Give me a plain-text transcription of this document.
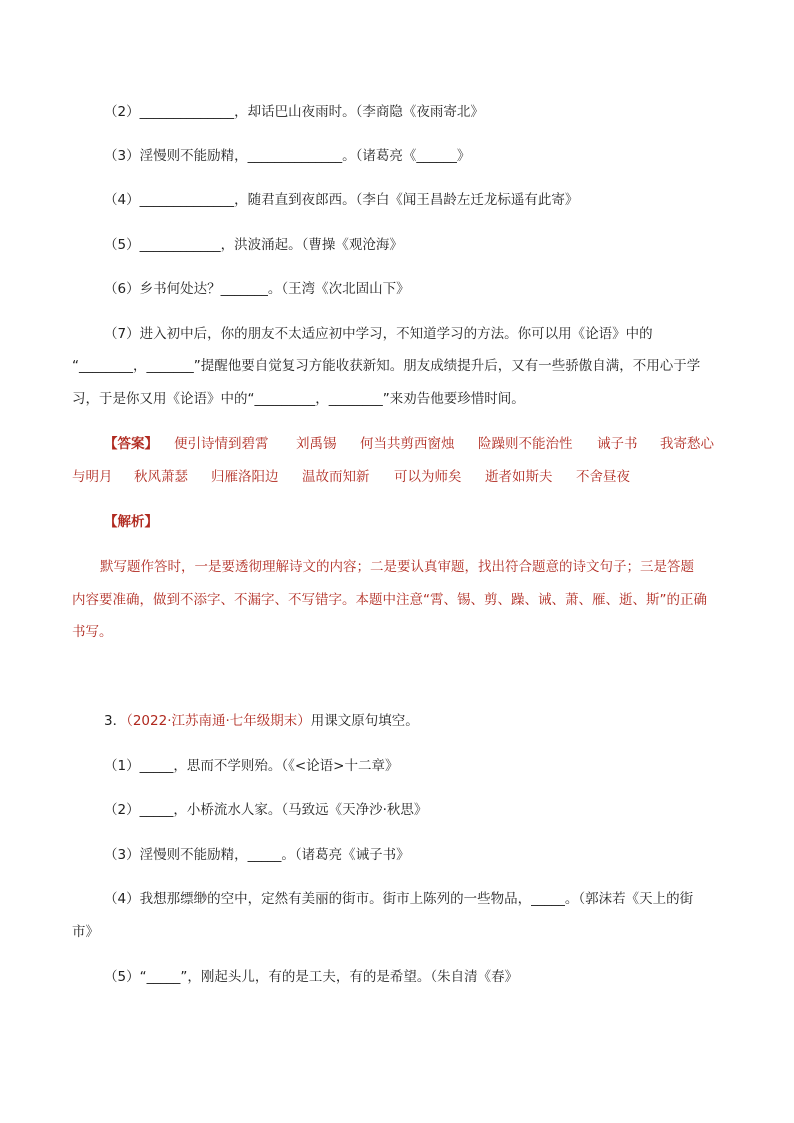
（2）______________，却话巴山夜雨时。（李商隐《夜雨寄北》
（3）淫慢则不能励精，______________。（诸葛亮《______》
（4）______________，随君直到夜郎西。（李白《闻王昌龄左迁龙标遥有此寄》
（5）____________，洪波涌起。（曹操《观沧海》
（6）乡书何处达？_______。（王湾《次北固山下》
（7）进入初中后，你的朋友不太适应初中学习，不知道学习的方法。你可以用《论语》中的
“________，_______”提醒他要自觉复习方能收获新知。朋友成绩提升后，又有一些骄傲自满，不用心于学
习，于是你又用《论语》中的“_________，________”来劝告他要珍惜时间。
【答案】 便引诗情到碧霄 刘禹锡 何当共剪西窗烛 险躁则不能治性 诫子书 我寄愁心
与明月 秋风萧瑟 归雁洛阳边 温故而知新 可以为师矣 逝者如斯夫 不舍昼夜
【解析】
默写题作答时，一是要透彻理解诗文的内容；二是要认真审题，找出符合题意的诗文句子；三是答题
内容要准确，做到不添字、不漏字、不写错字。本题中注意“霄、锡、剪、躁、诫、萧、雁、逝、斯”的正确
书写。
3．（2022·江苏南通·七年级期末）用课文原句填空。
（1）_____，思而不学则殆。（《<论语>十二章》
（2）_____，小桥流水人家。（马致远《天净沙·秋思》
（3）淫慢则不能励精，_____。（诸葛亮《诫子书》
（4）我想那缥缈的空中，定然有美丽的街市。街市上陈列的一些物品，_____。（郭沫若《天上的街
市》
（5）“_____”，刚起头儿，有的是工夫，有的是希望。（朱自清《春》
